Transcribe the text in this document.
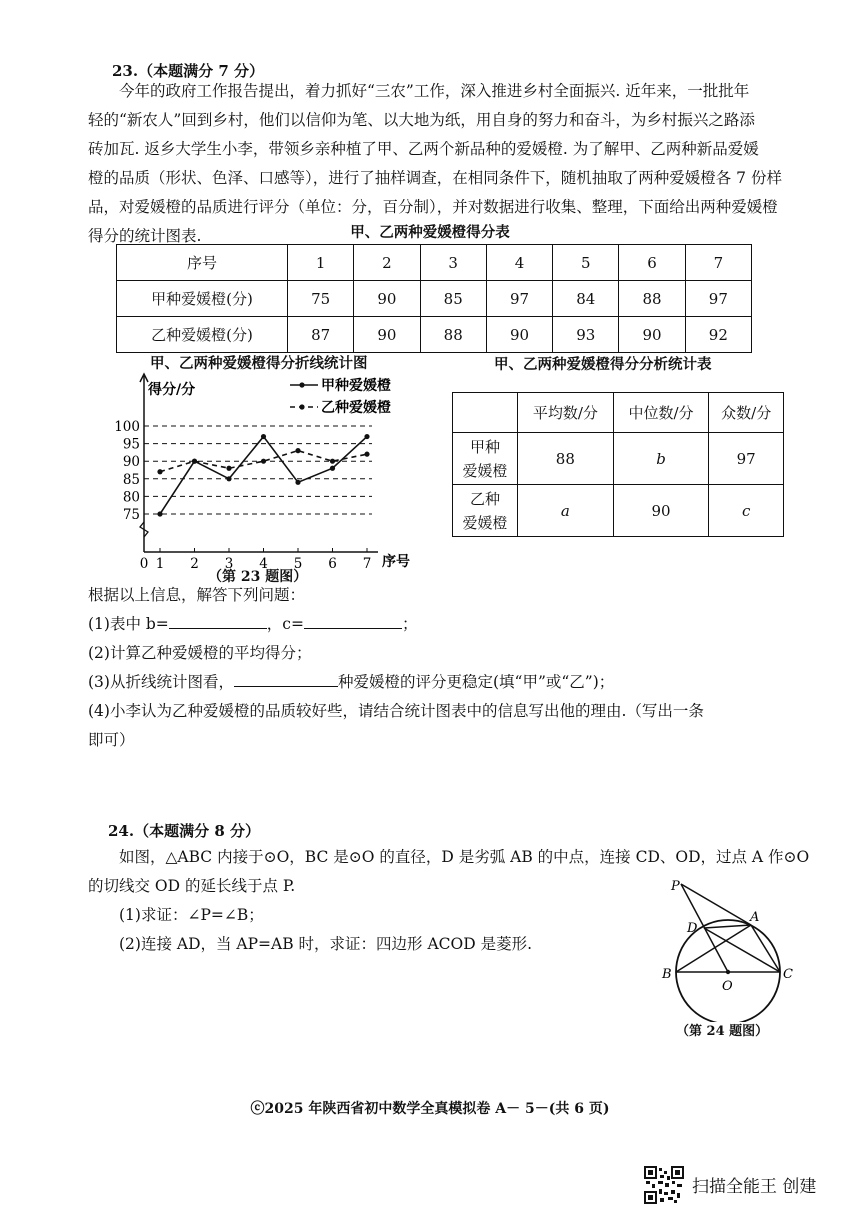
23.（本题满分 7 分）
今年的政府工作报告提出，着力抓好“三农”工作，深入推进乡村全面振兴. 近年来，一批批年
轻的“新农人”回到乡村，他们以信仰为笔、以大地为纸，用自身的努力和奋斗，为乡村振兴之路添
砖加瓦. 返乡大学生小李，带领乡亲种植了甲、乙两个新品种的爱媛橙. 为了解甲、乙两种新品爱媛
橙的品质（形状、色泽、口感等），进行了抽样调查，在相同条件下，随机抽取了两种爱媛橙各 7 份样
品，对爱媛橙的品质进行评分（单位：分，百分制），并对数据进行收集、整理，下面给出两种爱媛橙
得分的统计图表.	甲、乙两种爱媛橙得分表
序号	1	2	3	4	5	6	7
甲种爱媛橙(分)	75	90	85	97	84	88	97
乙种爱媛橙(分)	87	90	88	90	93	90	92
甲、乙两种爱媛橙得分折线统计图	甲、乙两种爱媛橙得分分析统计表
75
80
85
90
95
100
0 1 2 3 4 5 6 7
得分/分
序号
甲种爱媛橙
乙种爱媛橙
		平均数/分	中位数/分	众数/分

甲种
爱媛橙	88	b	97

乙种
爱媛橙	a	90	c
（第 23 题图）
根据以上信息，解答下列问题：
(1)表中 b=	，c=	；
(2)计算乙种爱媛橙的平均得分；
(3)从折线统计图看，	种爱媛橙的评分更稳定(填“甲”或“乙”)；
(4)小李认为乙种爱媛橙的品质较好些，请结合统计图表中的信息写出他的理由.（写出一条
即可）
24.（本题满分 8 分）
如图，△ABC 内接于⊙O，BC 是⊙O 的直径，D 是劣弧 AB 的中点，连接 CD、OD，过点 A 作⊙O
的切线交 OD 的延长线于点 P.
(1)求证：∠P=∠B；
(2)连接 AD，当 AP=AB 时，求证：四边形 ACOD 是菱形.
P
A
D
B
O
C
（第 24 题图）
ⓒ2025 年陕西省初中数学全真模拟卷 A－ 5－(共 6 页)
扫描全能王 创建
